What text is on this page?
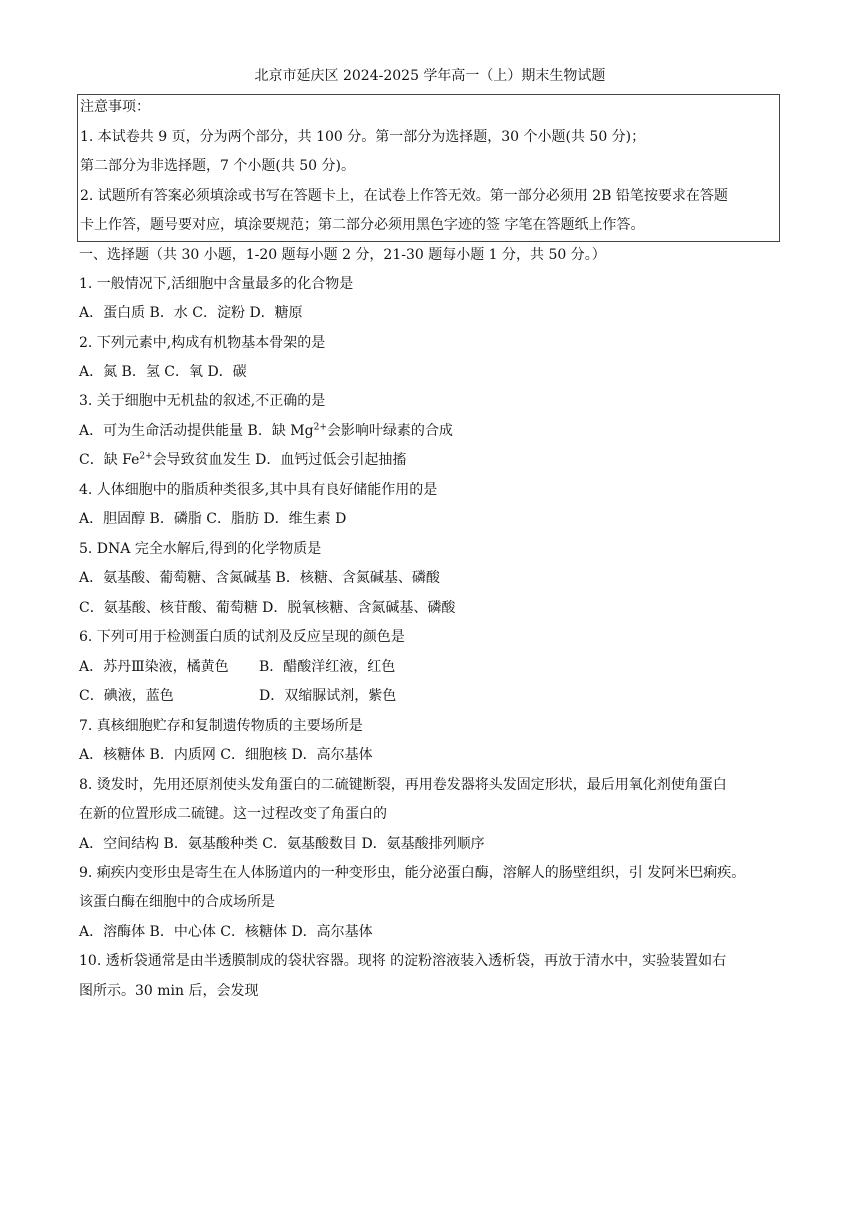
北京市延庆区 2024-2025 学年高一（上）期末生物试题
注意事项：
1. 本试卷共 9 页，分为两个部分，共 100 分。第一部分为选择题，30 个小题(共 50 分)；
第二部分为非选择题，7 个小题(共 50 分)。
2. 试题所有答案必须填涂或书写在答题卡上，在试卷上作答无效。第一部分必须用 2B 铅笔按要求在答题
卡上作答，题号要对应，填涂要规范；第二部分必须用黑色字迹的签 字笔在答题纸上作答。
一、选择题（共 30 小题，1-20 题每小题 2 分，21-30 题每小题 1 分，共 50 分。）
1. 一般情况下,活细胞中含量最多的化合物是
A．蛋白质 B．水 C．淀粉 D．糖原
2. 下列元素中,构成有机物基本骨架的是
A．氮 B．氢 C．氧 D．碳
3. 关于细胞中无机盐的叙述,不正确的是
A．可为生命活动提供能量 B．缺 $Mg^{2+}$会影响叶绿素的合成
C．缺 $Fe^{2+}$会导致贫血发生 D．血钙过低会引起抽搐
4. 人体细胞中的脂质种类很多,其中具有良好储能作用的是
A．胆固醇 B．磷脂 C．脂肪 D．维生素 D
5. DNA 完全水解后,得到的化学物质是
A．氨基酸、葡萄糖、含氮碱基 B．核糖、含氮碱基、磷酸
C．氨基酸、核苷酸、葡萄糖 D．脱氧核糖、含氮碱基、磷酸
6. 下列可用于检测蛋白质的试剂及反应呈现的颜色是
A．苏丹Ⅲ染液，橘黄色 B．醋酸洋红液，红色
C．碘液，蓝色	D．双缩脲试剂，紫色
7. 真核细胞贮存和复制遗传物质的主要场所是
A．核糖体 B．内质网 C．细胞核 D．高尔基体
8. 烫发时，先用还原剂使头发角蛋白的二硫键断裂，再用卷发器将头发固定形状，最后用氧化剂使角蛋白
在新的位置形成二硫键。这一过程改变了角蛋白的
A．空间结构 B．氨基酸种类 C．氨基酸数目 D．氨基酸排列顺序
9. 痢疾内变形虫是寄生在人体肠道内的一种变形虫，能分泌蛋白酶，溶解人的肠壁组织，引 发阿米巴痢疾。
该蛋白酶在细胞中的合成场所是
A．溶酶体 B．中心体 C．核糖体 D．高尔基体
10. 透析袋通常是由半透膜制成的袋状容器。现将 的淀粉溶液装入透析袋，再放于清水中，实验装置如右
图所示。30 min 后，会发现
